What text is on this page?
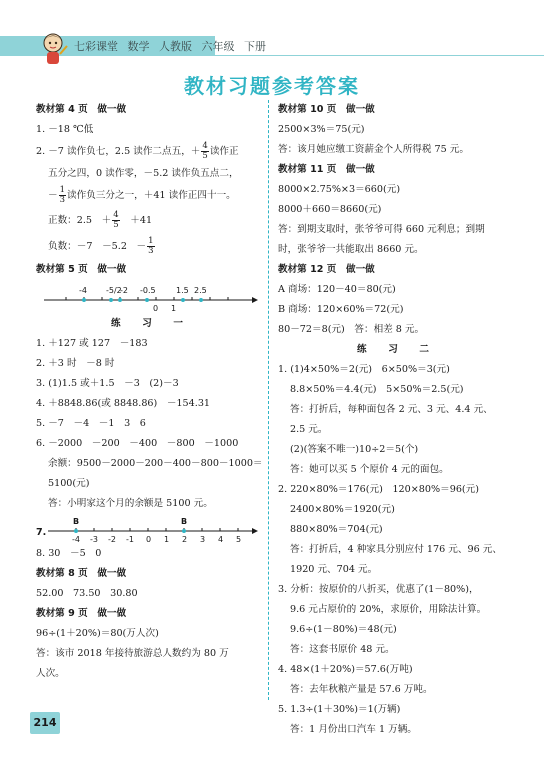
七彩课堂 数学 人教版 六年级 下册
教材习题参考答案
教材第 4 页　做一做
1. －18 ℃低
2. －7 读作负七，2.5 读作二点五，＋ $\frac{4}{5}$ 读作正
五分之四，0 读作零，－5.2 读作负五点二，
－ $\frac{1}{3}$ 读作负三分之一，＋41 读作正四十一。
正数：2.5　＋ $\frac{4}{5}$ 　＋41
负数：－7　－5.2　－ $\frac{1}{3}$
教材第 5 页　做一做
-4 -5/2
-2 -0.5	1.5 2.5
0 1
练　习　一
1. ＋127 或 127　－183
2. ＋3 时　－8 时
3. (1)1.5 或＋1.5　－3　(2)－3
4. ＋8848.86(或 8848.86)　－154.31
5. －7　－4　－1　3　6
6. －2000　－200　－400　－800　－1000
余额：9500－2000－200－400－800－1000＝
5100(元)
答：小明家这个月的余额是 5100 元。
7.
B	B
-4 -3 -2 -1 0 1 2 3 4 5
8. 30　－5　0
教材第 8 页　做一做
52.00　73.50　30.80
教材第 9 页　做一做
96÷(1＋20%)＝80(万人次)
答：该市 2018 年接待旅游总人数约为 80 万
人次。
教材第 10 页　做一做
2500×3%＝75(元)
答：该月她应缴工资薪金个人所得税 75 元。
教材第 11 页　做一做
8000×2.75%×3＝660(元)
8000＋660＝8660(元)
答：到期支取时，张爷爷可得 660 元利息；到期
时，张爷爷一共能取出 8660 元。
教材第 12 页　做一做
A 商场：120－40＝80(元)
B 商场：120×60%＝72(元)
80－72＝8(元)　答：相差 8 元。
练　习　二
1. (1)4×50%＝2(元)　6×50%＝3(元)
8.8×50%＝4.4(元)　5×50%＝2.5(元)
答：打折后，每种面包各 2 元、3 元、4.4 元、
2.5 元。
(2)(答案不唯一)10÷2＝5(个)
答：她可以买 5 个原价 4 元的面包。
2. 220×80%＝176(元)　120×80%＝96(元)
2400×80%＝1920(元)
880×80%＝704(元)
答：打折后，4 种家具分别应付 176 元、96 元、
1920 元、704 元。
3. 分析：按原价的八折买，优惠了(1－80%)，
9.6 元占原价的 20%，求原价，用除法计算。
9.6÷(1－80%)＝48(元)
答：这套书原价 48 元。
4. 48×(1＋20%)＝57.6(万吨)
答：去年秋粮产量是 57.6 万吨。
5. 1.3÷(1＋30%)＝1(万辆)
答：1 月份出口汽车 1 万辆。
214
